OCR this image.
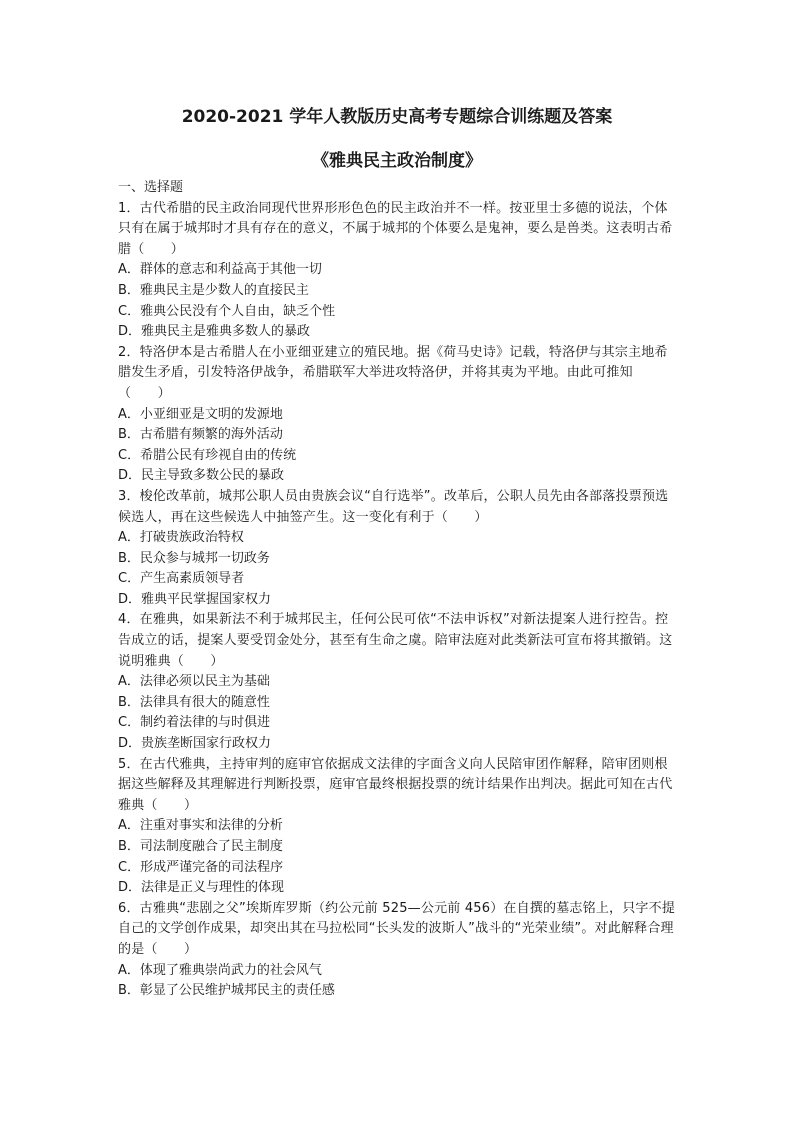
2020-2021 学年人教版历史高考专题综合训练题及答案
《雅典民主政治制度》

一、选择题

1．古代希腊的民主政治同现代世界形形色色的民主政治并不一样。按亚里士多德的说法，个体只有在属于城邦时才具有存在的意义，不属于城邦的个体要么是鬼神，要么是兽类。这表明古希腊（　　）

A．群体的意志和利益高于其他一切

B．雅典民主是少数人的直接民主

C．雅典公民没有个人自由，缺乏个性

D．雅典民主是雅典多数人的暴政

2．特洛伊本是古希腊人在小亚细亚建立的殖民地。据《荷马史诗》记载，特洛伊与其宗主地希腊发生矛盾，引发特洛伊战争，希腊联军大举进攻特洛伊，并将其夷为平地。由此可推知（　　）

A．小亚细亚是文明的发源地

B．古希腊有频繁的海外活动

C．希腊公民有珍视自由的传统

D．民主导致多数公民的暴政

3．梭伦改革前，城邦公职人员由贵族会议“自行选举”。改革后，公职人员先由各部落投票预选候选人，再在这些候选人中抽签产生。这一变化有利于（　　）

A．打破贵族政治特权

B．民众参与城邦一切政务

C．产生高素质领导者

D．雅典平民掌握国家权力

4．在雅典，如果新法不利于城邦民主，任何公民可依“不法申诉权”对新法提案人进行控告。控告成立的话，提案人要受罚金处分，甚至有生命之虞。陪审法庭对此类新法可宣布将其撤销。这说明雅典（　　）

A．法律必须以民主为基础

B．法律具有很大的随意性

C．制约着法律的与时俱进

D．贵族垄断国家行政权力

5．在古代雅典，主持审判的庭审官依据成文法律的字面含义向人民陪审团作解释，陪审团则根据这些解释及其理解进行判断投票，庭审官最终根据投票的统计结果作出判决。据此可知在古代雅典（　　）

A．注重对事实和法律的分析

B．司法制度融合了民主制度

C．形成严谨完备的司法程序

D．法律是正义与理性的体现

6．古雅典“悲剧之父”埃斯库罗斯（约公元前 525—公元前 456）在自撰的墓志铭上，只字不提自己的文学创作成果，却突出其在马拉松同“长头发的波斯人”战斗的“光荣业绩”。对此解释合理的是（　　）

A．体现了雅典崇尚武力的社会风气

B．彰显了公民维护城邦民主的责任感
